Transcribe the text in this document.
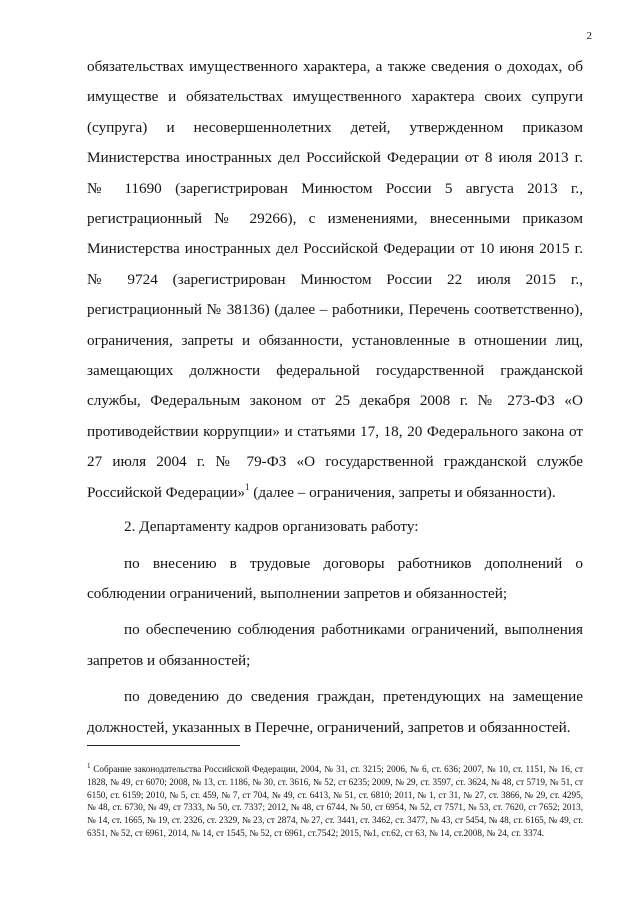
2

обязательствах имущественного характера, а также сведения о доходах, об

имуществе и обязательствах имущественного характера своих супруги

(супруга) и несовершеннолетних детей, утвержденном приказом

Министерства иностранных дел Российской Федерации от 8 июля 2013 г.

№ 11690 (зарегистрирован Минюстом России 5 августа 2013 г.,

регистрационный № 29266), с изменениями, внесенными приказом

Министерства иностранных дел Российской Федерации от 10 июня 2015 г.

№ 9724 (зарегистрирован Минюстом России 22 июля 2015 г.,

регистрационный № 38136) (далее – работники, Перечень соответственно),

ограничения, запреты и обязанности, установленные в отношении лиц,

замещающих должности федеральной государственной гражданской

службы, Федеральным законом от 25 декабря 2008 г. № 273-ФЗ «О

противодействии коррупции» и статьями 17, 18, 20 Федерального закона от

27 июля 2004 г. № 79-ФЗ «О государственной гражданской службе

Российской Федерации»$^1$ (далее – ограничения, запреты и обязанности).

2. Департаменту кадров организовать работу:

по внесению в трудовые договоры работников дополнений о соблюдении ограничений, выполнении запретов и обязанностей;

по обеспечению соблюдения работниками ограничений, выполнения запретов и обязанностей;

по доведению до сведения граждан, претендующих на замещение должностей, указанных в Перечне, ограничений, запретов и обязанностей.

$^1$ Собрание законодательства Российской Федерации, 2004, № 31, ст. 3215; 2006, № 6, ст. 636; 2007, № 10, ст. 1151, № 16, ст 1828, № 49, ст 6070; 2008, № 13, ст. 1186, № 30, ст. 3616, № 52, ст 6235; 2009, № 29, ст. 3597, ст. 3624, № 48, ст 5719, № 51, ст 6150, ст. 6159; 2010, № 5, ст. 459, № 7, ст 704, № 49, ст. 6413, № 51, ст. 6810; 2011, № 1, ст 31, № 27, ст. 3866, № 29, ст. 4295, № 48, ст. 6730, № 49, ст 7333, № 50, ст. 7337; 2012, № 48, ст 6744, № 50, ст 6954, № 52, ст 7571, № 53, ст. 7620, ст 7652; 2013, № 14, ст. 1665, № 19, ст. 2326, ст. 2329, № 23, ст 2874, № 27, ст. 3441, ст. 3462, ст. 3477, № 43, ст 5454, № 48, ст. 6165, № 49, ст. 6351, № 52, ст 6961, 2014, № 14, ст 1545, № 52, ст 6961, ст.7542; 2015, №1, ст.62, ст 63, № 14, ст.2008, № 24, ст. 3374.
